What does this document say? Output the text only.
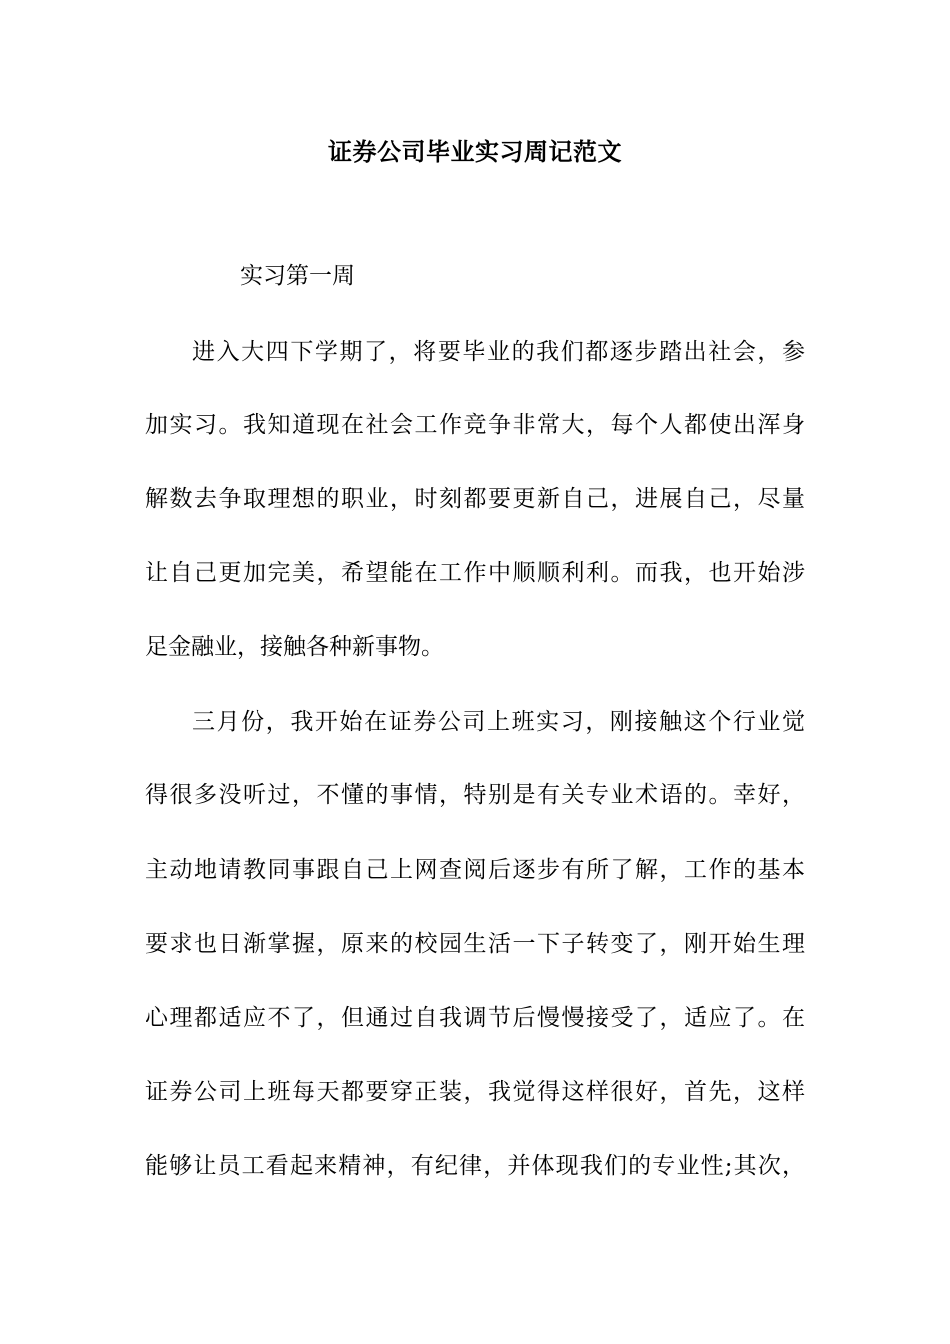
证券公司毕业实习周记范文
实习第一周
进入大四下学期了，将要毕业的我们都逐步踏出社会，参
加实习。我知道现在社会工作竞争非常大，每个人都使出浑身
解数去争取理想的职业，时刻都要更新自己，进展自己，尽量
让自己更加完美，希望能在工作中顺顺利利。而我，也开始涉
足金融业，接触各种新事物。
三月份，我开始在证券公司上班实习，刚接触这个行业觉
得很多没听过，不懂的事情，特别是有关专业术语的。幸好，
主动地请教同事跟自己上网查阅后逐步有所了解，工作的基本
要求也日渐掌握，原来的校园生活一下子转变了，刚开始生理
心理都适应不了，但通过自我调节后慢慢接受了，适应了。在
证券公司上班每天都要穿正装，我觉得这样很好，首先，这样
能够让员工看起来精神，有纪律，并体现我们的专业性;其次，
